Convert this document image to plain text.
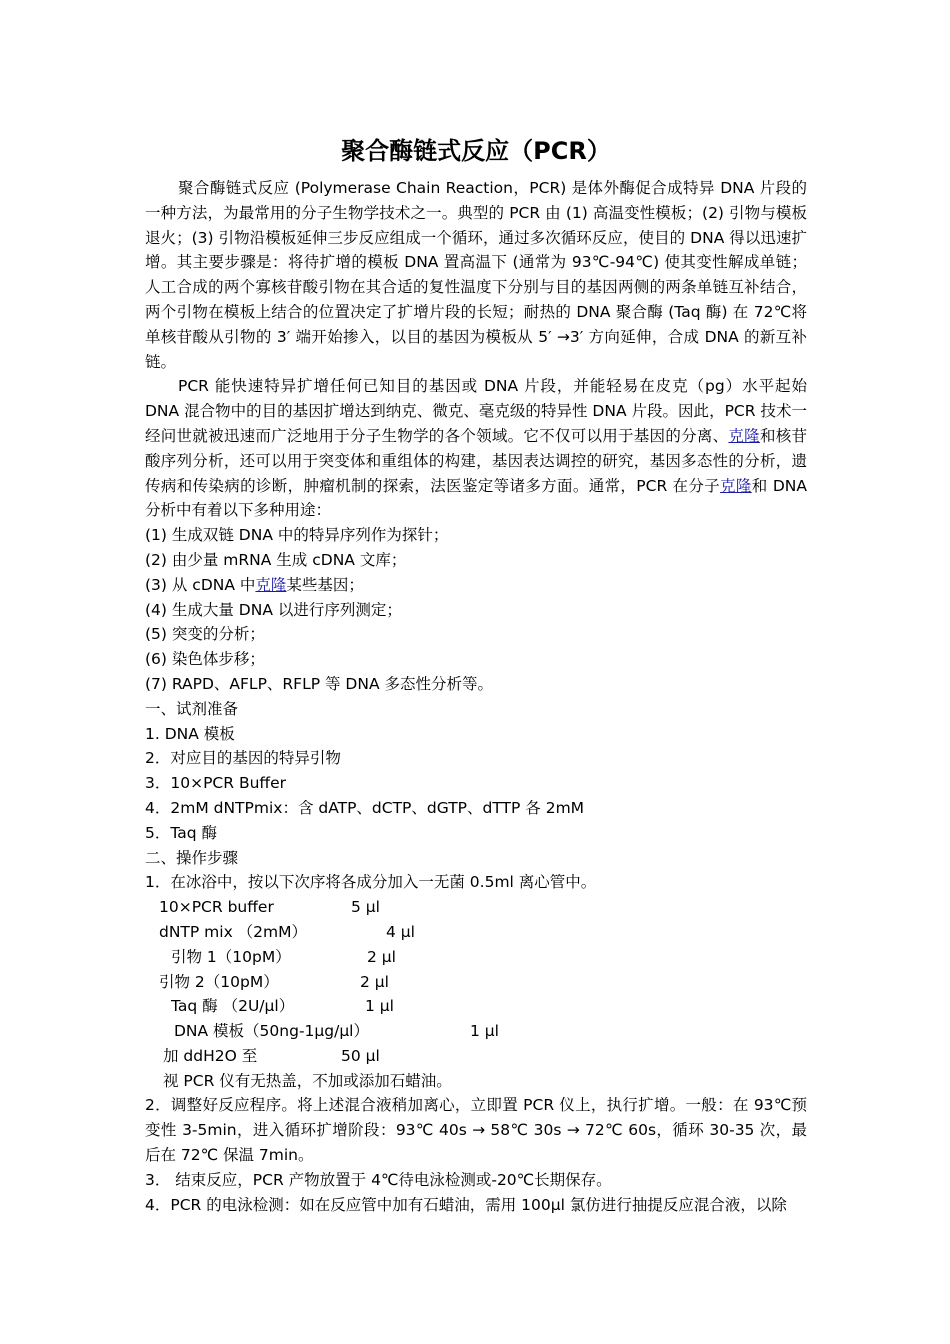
聚合酶链式反应（PCR）

聚合酶链式反应 (Polymerase Chain Reaction，PCR) 是体外酶促合成特异 DNA 片段的一种方法，为最常用的分子生物学技术之一。典型的 PCR 由 (1) 高温变性模板；(2) 引物与模板退火；(3) 引物沿模板延伸三步反应组成一个循环，通过多次循环反应，使目的 DNA 得以迅速扩增。其主要步骤是：将待扩增的模板 DNA 置高温下 (通常为 93℃-94℃) 使其变性解成单链；人工合成的两个寡核苷酸引物在其合适的复性温度下分别与目的基因两侧的两条单链互补结合，两个引物在模板上结合的位置决定了扩增片段的长短；耐热的 DNA 聚合酶 (Taq 酶) 在 72℃将单核苷酸从引物的 3′ 端开始掺入，以目的基因为模板从 5′ →3′ 方向延伸，合成 DNA 的新互补链。

PCR 能快速特异扩增任何已知目的基因或 DNA 片段，并能轻易在皮克（pg）水平起始 DNA 混合物中的目的基因扩增达到纳克、微克、毫克级的特异性 DNA 片段。因此，PCR 技术一经问世就被迅速而广泛地用于分子生物学的各个领域。它不仅可以用于基因的分离、克隆和核苷酸序列分析，还可以用于突变体和重组体的构建，基因表达调控的研究，基因多态性的分析，遗传病和传染病的诊断，肿瘤机制的探索，法医鉴定等诸多方面。通常，PCR 在分子克隆和 DNA 分析中有着以下多种用途：

(1) 生成双链 DNA 中的特异序列作为探针；
(2) 由少量 mRNA 生成 cDNA 文库；
(3) 从 cDNA 中克隆某些基因；
(4) 生成大量 DNA 以进行序列测定；
(5) 突变的分析；
(6) 染色体步移；
(7) RAPD、AFLP、RFLP 等 DNA 多态性分析等。
一、试剂准备
1. DNA 模板
2．对应目的基因的特异引物
3．10×PCR Buffer
4．2mM dNTPmix：含 dATP、dCTP、dGTP、dTTP 各 2mM
5．Taq 酶
二、操作步骤
1．在冰浴中，按以下次序将各成分加入一无菌 0.5ml 离心管中。
10×PCR buffer	5 μl
dNTP mix （2mM）	4 μl
引物 1（10pM）	2 μl
引物 2（10pM）	2 μl
Taq 酶 （2U/μl）	1 μl
DNA 模板（50ng-1μg/μl）	1 μl
加 ddH2O 至	50 μl
视 PCR 仪有无热盖，不加或添加石蜡油。

2．调整好反应程序。将上述混合液稍加离心，立即置 PCR 仪上，执行扩增。一般：在 93℃预变性 3-5min，进入循环扩增阶段：93℃ 40s → 58℃ 30s → 72℃ 60s，循环 30-35 次，最后在 72℃ 保温 7min。

3． 结束反应，PCR 产物放置于 4℃待电泳检测或-20℃长期保存。
4．PCR 的电泳检测：如在反应管中加有石蜡油，需用 100μl 氯仿进行抽提反应混合液，以除
